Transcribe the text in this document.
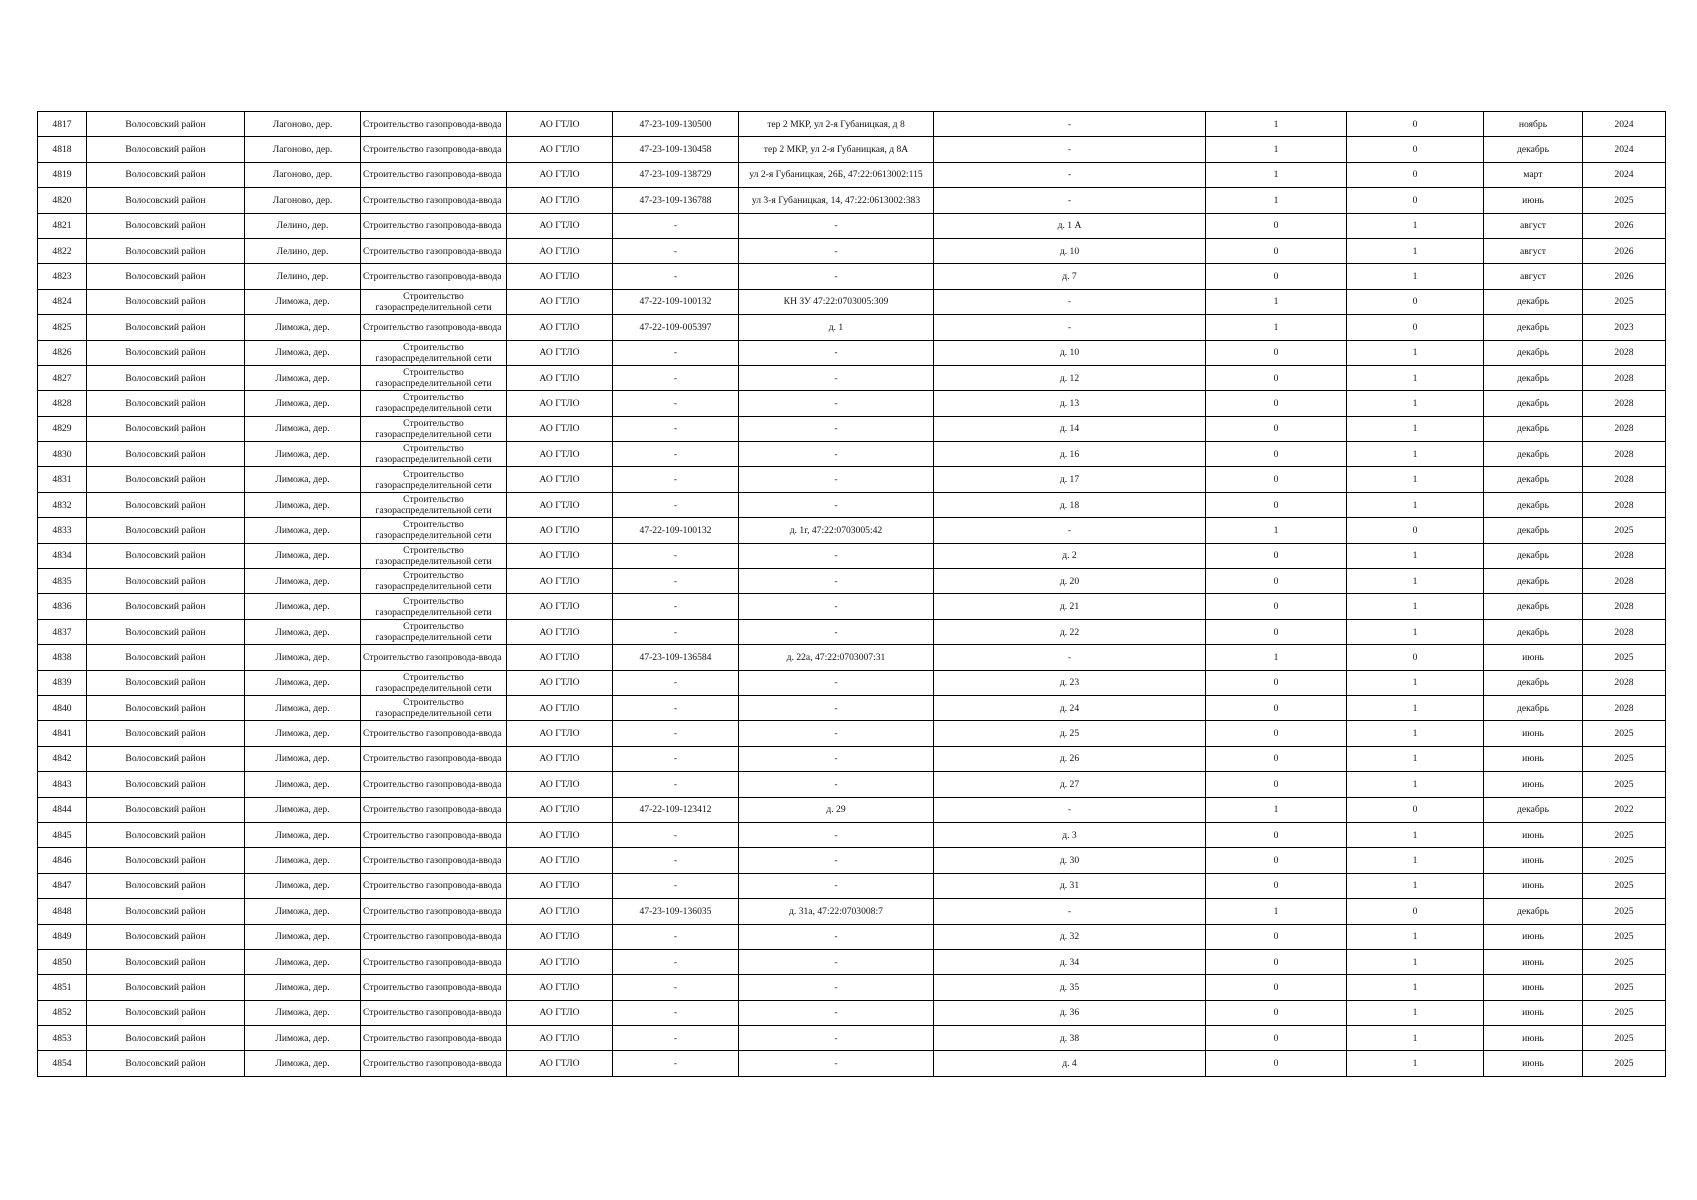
4817	Волосовский район	Лагоново, дер.	Строительство газопровода-ввода	АО ГТЛО	47-23-109-130500	тер 2 МКР, ул 2-я Губаницкая, д 8	-	1	0	ноябрь	2024
4818	Волосовский район	Лагоново, дер.	Строительство газопровода-ввода	АО ГТЛО	47-23-109-130458	тер 2 МКР, ул 2-я Губаницкая, д 8А	-	1	0	декабрь	2024
4819	Волосовский район	Лагоново, дер.	Строительство газопровода-ввода	АО ГТЛО	47-23-109-138729	ул 2-я Губаницкая, 26Б, 47:22:0613002:115	-	1	0	март	2024
4820	Волосовский район	Лагоново, дер.	Строительство газопровода-ввода	АО ГТЛО	47-23-109-136788	ул 3-я Губаницкая, 14, 47:22:0613002:383	-	1	0	июнь	2025
4821	Волосовский район	Лелино, дер.	Строительство газопровода-ввода	АО ГТЛО	-	-	д. 1 А	0	1	август	2026
4822	Волосовский район	Лелино, дер.	Строительство газопровода-ввода	АО ГТЛО	-	-	д. 10	0	1	август	2026
4823	Волосовский район	Лелино, дер.	Строительство газопровода-ввода	АО ГТЛО	-	-	д. 7	0	1	август	2026
4824	Волосовский район	Лиможа, дер.	Строительство газораспределительной сети	АО ГТЛО	47-22-109-100132	КН ЗУ 47:22:0703005:309	-	1	0	декабрь	2025
4825	Волосовский район	Лиможа, дер.	Строительство газопровода-ввода	АО ГТЛО	47-22-109-005397	д. 1	-	1	0	декабрь	2023
4826	Волосовский район	Лиможа, дер.	Строительство газораспределительной сети	АО ГТЛО	-	-	д. 10	0	1	декабрь	2028
4827	Волосовский район	Лиможа, дер.	Строительство газораспределительной сети	АО ГТЛО	-	-	д. 12	0	1	декабрь	2028
4828	Волосовский район	Лиможа, дер.	Строительство газораспределительной сети	АО ГТЛО	-	-	д. 13	0	1	декабрь	2028
4829	Волосовский район	Лиможа, дер.	Строительство газораспределительной сети	АО ГТЛО	-	-	д. 14	0	1	декабрь	2028
4830	Волосовский район	Лиможа, дер.	Строительство газораспределительной сети	АО ГТЛО	-	-	д. 16	0	1	декабрь	2028
4831	Волосовский район	Лиможа, дер.	Строительство газораспределительной сети	АО ГТЛО	-	-	д. 17	0	1	декабрь	2028
4832	Волосовский район	Лиможа, дер.	Строительство газораспределительной сети	АО ГТЛО	-	-	д. 18	0	1	декабрь	2028
4833	Волосовский район	Лиможа, дер.	Строительство газораспределительной сети	АО ГТЛО	47-22-109-100132	д. 1г, 47:22:0703005:42	-	1	0	декабрь	2025
4834	Волосовский район	Лиможа, дер.	Строительство газораспределительной сети	АО ГТЛО	-	-	д. 2	0	1	декабрь	2028
4835	Волосовский район	Лиможа, дер.	Строительство газораспределительной сети	АО ГТЛО	-	-	д. 20	0	1	декабрь	2028
4836	Волосовский район	Лиможа, дер.	Строительство газораспределительной сети	АО ГТЛО	-	-	д. 21	0	1	декабрь	2028
4837	Волосовский район	Лиможа, дер.	Строительство газораспределительной сети	АО ГТЛО	-	-	д. 22	0	1	декабрь	2028
4838	Волосовский район	Лиможа, дер.	Строительство газопровода-ввода	АО ГТЛО	47-23-109-136584	д. 22а, 47:22:0703007:31	-	1	0	июнь	2025
4839	Волосовский район	Лиможа, дер.	Строительство газораспределительной сети	АО ГТЛО	-	-	д. 23	0	1	декабрь	2028
4840	Волосовский район	Лиможа, дер.	Строительство газораспределительной сети	АО ГТЛО	-	-	д. 24	0	1	декабрь	2028
4841	Волосовский район	Лиможа, дер.	Строительство газопровода-ввода	АО ГТЛО	-	-	д. 25	0	1	июнь	2025
4842	Волосовский район	Лиможа, дер.	Строительство газопровода-ввода	АО ГТЛО	-	-	д. 26	0	1	июнь	2025
4843	Волосовский район	Лиможа, дер.	Строительство газопровода-ввода	АО ГТЛО	-	-	д. 27	0	1	июнь	2025
4844	Волосовский район	Лиможа, дер.	Строительство газопровода-ввода	АО ГТЛО	47-22-109-123412	д. 29	-	1	0	декабрь	2022
4845	Волосовский район	Лиможа, дер.	Строительство газопровода-ввода	АО ГТЛО	-	-	д. 3	0	1	июнь	2025
4846	Волосовский район	Лиможа, дер.	Строительство газопровода-ввода	АО ГТЛО	-	-	д. 30	0	1	июнь	2025
4847	Волосовский район	Лиможа, дер.	Строительство газопровода-ввода	АО ГТЛО	-	-	д. 31	0	1	июнь	2025
4848	Волосовский район	Лиможа, дер.	Строительство газопровода-ввода	АО ГТЛО	47-23-109-136035	д. 31а, 47:22:0703008:7	-	1	0	декабрь	2025
4849	Волосовский район	Лиможа, дер.	Строительство газопровода-ввода	АО ГТЛО	-	-	д. 32	0	1	июнь	2025
4850	Волосовский район	Лиможа, дер.	Строительство газопровода-ввода	АО ГТЛО	-	-	д. 34	0	1	июнь	2025
4851	Волосовский район	Лиможа, дер.	Строительство газопровода-ввода	АО ГТЛО	-	-	д. 35	0	1	июнь	2025
4852	Волосовский район	Лиможа, дер.	Строительство газопровода-ввода	АО ГТЛО	-	-	д. 36	0	1	июнь	2025
4853	Волосовский район	Лиможа, дер.	Строительство газопровода-ввода	АО ГТЛО	-	-	д. 38	0	1	июнь	2025
4854	Волосовский район	Лиможа, дер.	Строительство газопровода-ввода	АО ГТЛО	-	-	д. 4	0	1	июнь	2025
